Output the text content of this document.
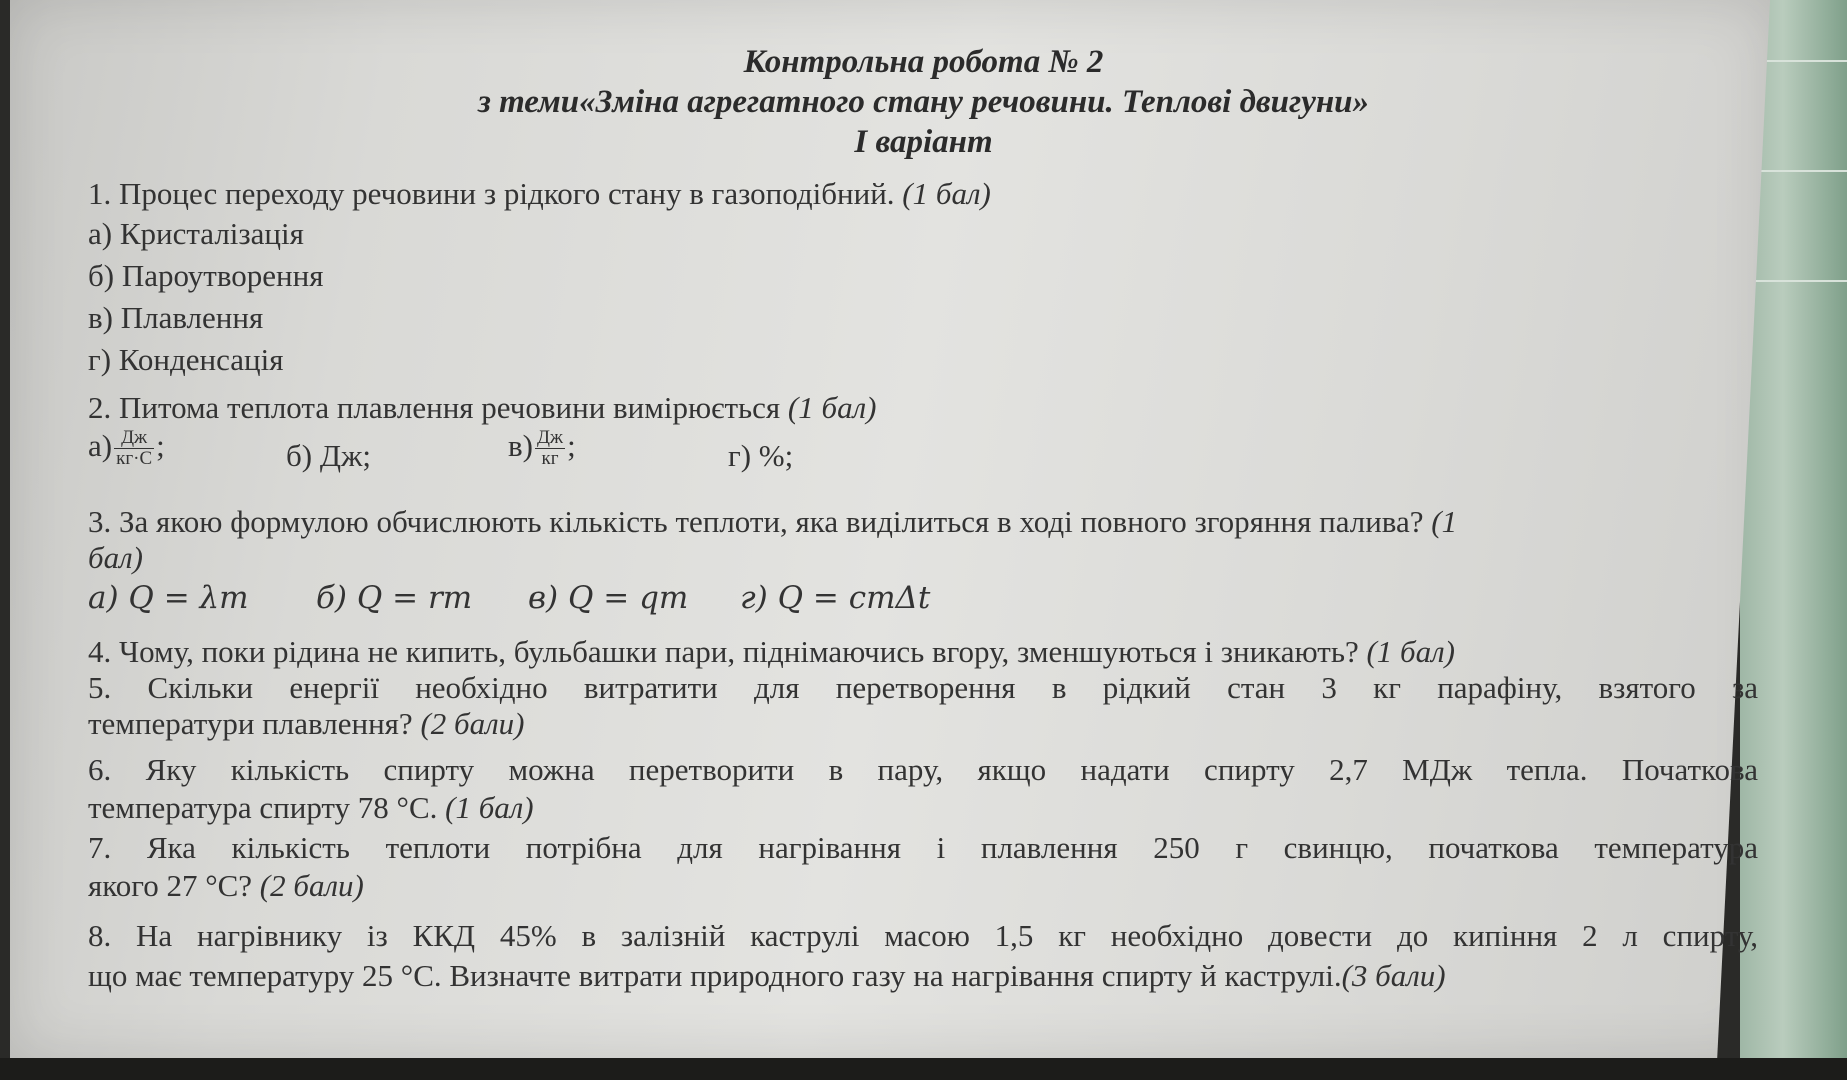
Контрольна робота № 2
з теми«Зміна агрегатного стану речовини. Теплові двигуни»
I варіант
1. Процес переходу речовини з рідкого стану в газоподібний. (1 бал)
а) Кристалізація
б) Пароутворення
в) Плавлення
г) Конденсація
2. Питома теплота плавлення речовини вимірюється (1 бал)
$а) \frac{Дж}{кг\cdot С}$ ;	б) Дж;	$в) \frac{Дж}{кг}$ ;	г) %;
3. За якою формулою обчислюють кількість теплоти, яка виділиться в ході повного згоряння палива? (1
бал)
а) Q = λm б) Q = rm в) Q = qm г) Q = cmΔt
4. Чому, поки рідина не кипить, бульбашки пари, піднімаючись вгору, зменшуються і зникають? (1 бал)
5. Скільки енергії необхідно витратити для перетворення в рідкий стан 3 кг парафіну, взятого за
температури плавлення? (2 бали)
6. Яку кількість спирту можна перетворити в пару, якщо надати спирту 2,7 МДж тепла. Початкова
температура спирту 78 °С. (1 бал)
7. Яка кількість теплоти потрібна для нагрівання і плавлення 250 г свинцю, початкова температура
якого 27 °С? (2 бали)
8. На нагрівнику із ККД 45% в залізній каструлі масою 1,5 кг необхідно довести до кипіння 2 л спирту,
що має температуру 25 °С. Визначте витрати природного газу на нагрівання спирту й каструлі.(3 бали)
